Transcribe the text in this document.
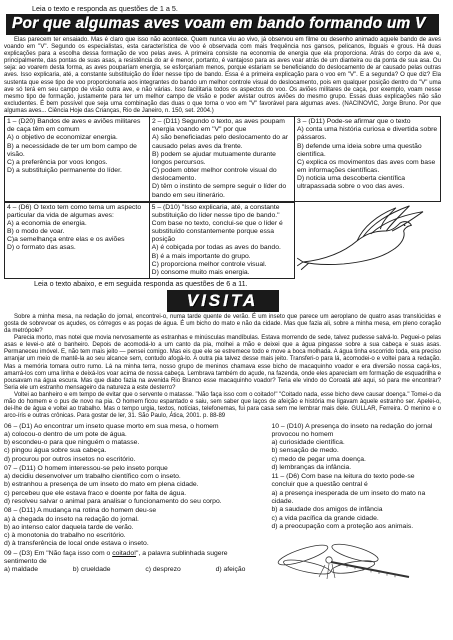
Leia o texto e responda as questões de 1 a 5.
Por que algumas aves voam em bando formando um V

Elas parecem ter ensaiado. Mas é claro que isso não acontece. Quem nunca viu ao vivo, já observou em filme ou desenho animado aquele bando de aves voando em "V". Segundo os especialistas, esta característica de voo é observada com mais frequência nos gansos, pelicanos, íbguais e grous. Há duas explicações para a escolha dessa formação de voo pelas aves. A primeira consiste na economia de energia que ela proporciona. Atrás do corpo da ave e, principalmente, das pontas de suas asas, a resistência do ar é menor, portanto, é vantajoso para as aves voar atrás de um dianteira ou da ponta de sua asa. Ou seja: ao voarem desta forma, as aves pouparíam energia, se esforçariam menos, porque estariam se beneficiando do deslocamento de ar causado pelas outras aves. Isso explicaria, até, a constante substituição do líder nesse tipo de bando. Essa é a primeira explicação para o voo em "V". E a segunda? O que diz? Ela sustenta que esse tipo de voo proporcionaria aos integrantes do bando um melhor controle visual do deslocamento, pois em qualquer posição dentro do "V" uma ave só terá em seu campo de visão outra ave, e não várias. Isso facilitaria todos os aspectos do voo. Os aviões militares de caça, por exemplo, voam nesse mesmo tipo de formação, justamente para ter um melhor campo de visão e poder avistar outros aviões do mesmo grupo. Essas duas explicações não são excludentes. É bem possível que seja uma combinação das duas o que torna o voo em "V" favorável para algumas aves. (NACINOVIC, Jorge Bruno. Por que algumas aves... Ciência Hoje das Crianças, Rio de Janeiro, n. 150, set. 2004.)

1 – (D20) Bandos de aves e aviões militares de caça têm em comum
A) o objetivo de economizar energia.
B) a necessidade de ter um bom campo de visão.
C) a preferência por voos longos.
D) a substituição permanente do líder.
2 – (D11) Segundo o texto, as aves poupam energia voando em "V" por que
A) são beneficiadas pelo deslocamento do ar causado pelas aves da frente.
B) podem se ajudar mutuamente durante longos percursos.
C) podem obter melhor controle visual do deslocamento.
D) têm o instinto de sempre seguir o líder do bando em seu itinerário.
3 – (D11) Pode-se afirmar que o texto
A) conta uma história curiosa e divertida sobre pássaros.
B) defende uma ideia sobre uma questão científica.
C) explica os movimentos das aves com base em informações científicas.
D) noticia uma descoberta científica ultrapassada sobre o voo das aves.
4 – (D6) O texto tem como tema um aspecto particular da vida de algumas aves:
A) a economia de energia.
B) o modo de voar.
C)a semelhança entre elas e os aviões
D) o formato das asas.
5 – (D10) "Isso explicaria, até, a constante substituição do líder nesse tipo de bando." Com base no texto, conclui-se que o líder é substituído constantemente porque essa posição
A) é cobiçada por todas as aves do bando.
B) é a mais importante do grupo.
C) proporciona melhor controle visual.
D) consome muito mais energia.
Leia o texto abaixo, e em seguida responda as questões de 6 a 11.
VISITA

Sobre a minha mesa, na redação do jornal, encontrei-o, numa tarde quente de verão. É um inseto que parece um aeroplano de quatro asas translúcidas e gosta de sobrevoar os açudes, os córregos e as poças de água. É um bicho do mato e não da cidade. Mas que fazia ali, sobre a minha mesa, em pleno coração da metrópole?

Parecia morto, mas notei que movia nervosamente as estranhas e minúsculas mandíbulas. Estava morrendo de sede, talvez pudesse salvá-lo. Peguei-o pelas asas e levei-o até o banheiro. Depois de acomodá-lo a um canto da pia, molhei a mão e deixei que a água pingasse sobre a sua cabeça e suas asas. Permaneceu imóvel. E, não tem mais jeito — pensei comigo. Mas eis que ele se estremece todo e move a boca molhada. A água tinha escorrido toda, era preciso arranjar um meio de mantê-la ao seu alcance sem, contudo afogá-lo. A outra pia talvez desse mais jeito. Transferi-o para lá, acomodei-o e voltei para a redação. Mas a memória tomara outro rumo. Lá na minha terra, nosso grupo de meninos chamava esse bicho de macaquinho voador e era diversão nossa caçá-los, amarrá-los com uma linha e deixá-los voar acima de nossa cabeça. Lembrava também do açude, na fazenda, onde eles apareciam em formação de esquadrilha e pousavam na água escura. Mas que diabo fazia na avenida Rio Branco esse macaquinho voador? Teria ele vindo do Coroatá até aqui, só para me encontrar? Seria ele um estranho mensageiro da natureza a este desterro?

Voltei ao banheiro e em tempo de evitar que o servente o matasse. "Não faça isso com o coitado!" "Coitado nada, esse bicho deve causar doença." Tomei-o da mão do homem e o pus de novo na pia. O homem ficou espantado e saiu, sem saber que laços de afeição e história me ligavam àquele estranho ser. Apelei-o, dei-lhe de água e voltei ao trabalho. Mas o tempo urgia, textos, notícias, telefonemas, fui para casa sem me lembrar mais dele. GULLAR, Ferreira. O menino e o arco-íris e outras crônicas. Para gostar de ler, 31. São Paulo, Ática, 2001. p. 88-89

06 – (D1) Ao encontrar um inseto quase morto em sua mesa, o homem
a) colocou-o dentro de um pote de água.
b) escondeu-o para que ninguém o matasse.
c) pingou água sobre sua cabeça.
d) procurou por outros insetos no escritório.
07 – (D11) O homem interessou-se pelo inseto porque
a) decidiu desenvolver um trabalho científico com o inseto.
b) estranhou a presença de um inseto do mato em plena cidade.
c) percebeu que ele estava fraco e doente por falta de água.
d) resolveu salvar o animal para analisar o funcionamento do seu corpo.
08 – (D11) A mudança na rotina do homem deu-se
a) à chegada do inseto na redação do jornal.
b) ao intenso calor daquela tarde de verão.
c) à monotonia do trabalho no escritório.
d) à transferência de local onde estava o inseto.
09 – (D3) Em "Não faça isso com o coitado!", a palavra sublinhada sugere sentimento de
a) maldade	b) crueldade	c) desprezo	d) afeição
10 – (D10) A presença do inseto na redação do jornal provocou no homem
a) curiosidade científica.
b) sensação de medo.
c) medo de pegar uma doença.
d) lembranças da infância.
11 – (D6) Com base na leitura do texto pode-se concluir que a questão central é
a) a presença inesperada de um inseto do mato na cidade.
b) a saudade dos amigos de infância
c) a vida pacífica da grande cidade.
d) a preocupação com a proteção aos animais.
